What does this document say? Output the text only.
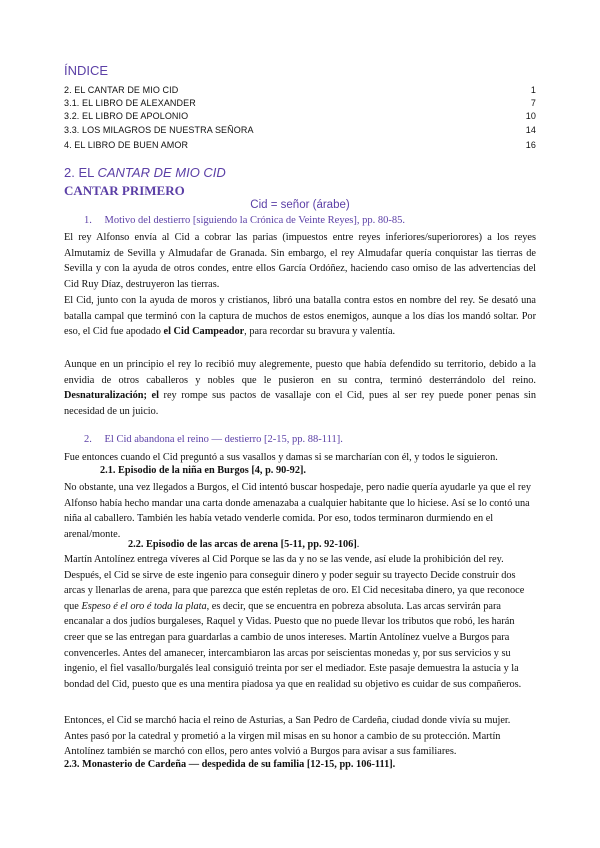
ÍNDICE
2. EL CANTAR DE MIO CID	1
3.1. EL LIBRO DE ALEXANDER	7
3.2. EL LIBRO DE APOLONIO	10
3.3. LOS MILAGROS DE NUESTRA SEÑORA	14
4. EL LIBRO DE BUEN AMOR	16
2. EL CANTAR DE MIO CID
CANTAR PRIMERO
Cid = señor (árabe)
1. Motivo del destierro [siguiendo la Crónica de Veinte Reyes], pp. 80-85.

El rey Alfonso envía al Cid a cobrar las parias (impuestos entre reyes inferiores/superiorores) a los reyes Almutamiz de Sevilla y Almudafar de Granada. Sin embargo, el rey Almudafar quería conquistar las tierras de Sevilla y con la ayuda de otros condes, entre ellos García Ordóñez, haciendo caso omiso de las advertencias del Cid Ruy Díaz, destruyeron las tierras.

El Cid, junto con la ayuda de moros y cristianos, libró una batalla contra estos en nombre del rey. Se desató una batalla campal que terminó con la captura de muchos de estos enemigos, aunque a los días los mandó soltar. Por eso, el Cid fue apodado el Cid Campeador, para recordar su bravura y valentía.

Aunque en un principio el rey lo recibió muy alegremente, puesto que había defendido su territorio, debido a la envidia de otros caballeros y nobles que le pusieron en su contra, terminó desterrándolo del reino. Desnaturalización; el rey rompe sus pactos de vasallaje con el Cid, pues al ser rey puede poner penas sin necesidad de un juicio.

2. El Cid abandona el reino — destierro [2-15, pp. 88-111].

Fue entonces cuando el Cid preguntó a sus vasallos y damas si se marcharían con él, y todos le siguieron.

2.1. Episodio de la niña en Burgos [4, p. 90-92].

No obstante, una vez llegados a Burgos, el Cid intentó buscar hospedaje, pero nadie quería ayudarle ya que el rey Alfonso había hecho mandar una carta donde amenazaba a cualquier habitante que lo hiciese. Así se lo contó una niña al caballero. También les había vetado venderle comida. Por eso, todos terminaron durmiendo en el arenal/monte.

2.2. Episodio de las arcas de arena [5-11, pp. 92-106].

Martín Antolínez entrega víveres al Cid Porque se las da y no se las vende, así elude la prohibición del rey. Después, el Cid se sirve de este ingenio para conseguir dinero y poder seguir su trayecto Decide construir dos arcas y llenarlas de arena, para que parezca que estén repletas de oro. El Cid necesitaba dinero, ya que reconoce que Espeso é el oro é toda la plata, es decir, que se encuentra en pobreza absoluta. Las arcas servirán para encanalar a dos judíos burgaleses, Raquel y Vidas. Puesto que no puede llevar los tributos que robó, les harán creer que se las entregan para guardarlas a cambio de unos intereses. Martín Antolínez vuelve a Burgos para convencerles. Antes del amanecer, intercambiaron las arcas por seiscientas monedas y, por sus servicios y su ingenio, el fiel vasallo/burgalés leal consiguió treinta por ser el mediador. Este pasaje demuestra la astucia y la bondad del Cid, puesto que es una mentira piadosa ya que en realidad su objetivo es cuidar de sus compañeros.

Entonces, el Cid se marchó hacia el reino de Asturias, a San Pedro de Cardeña, ciudad donde vivía su mujer. Antes pasó por la catedral y prometió a la virgen mil misas en su honor a cambio de su protección. Martín Antolínez también se marchó con ellos, pero antes volvió a Burgos para avisar a sus familiares.

2.3. Monasterio de Cardeña — despedida de su familia [12-15, pp. 106-111].
